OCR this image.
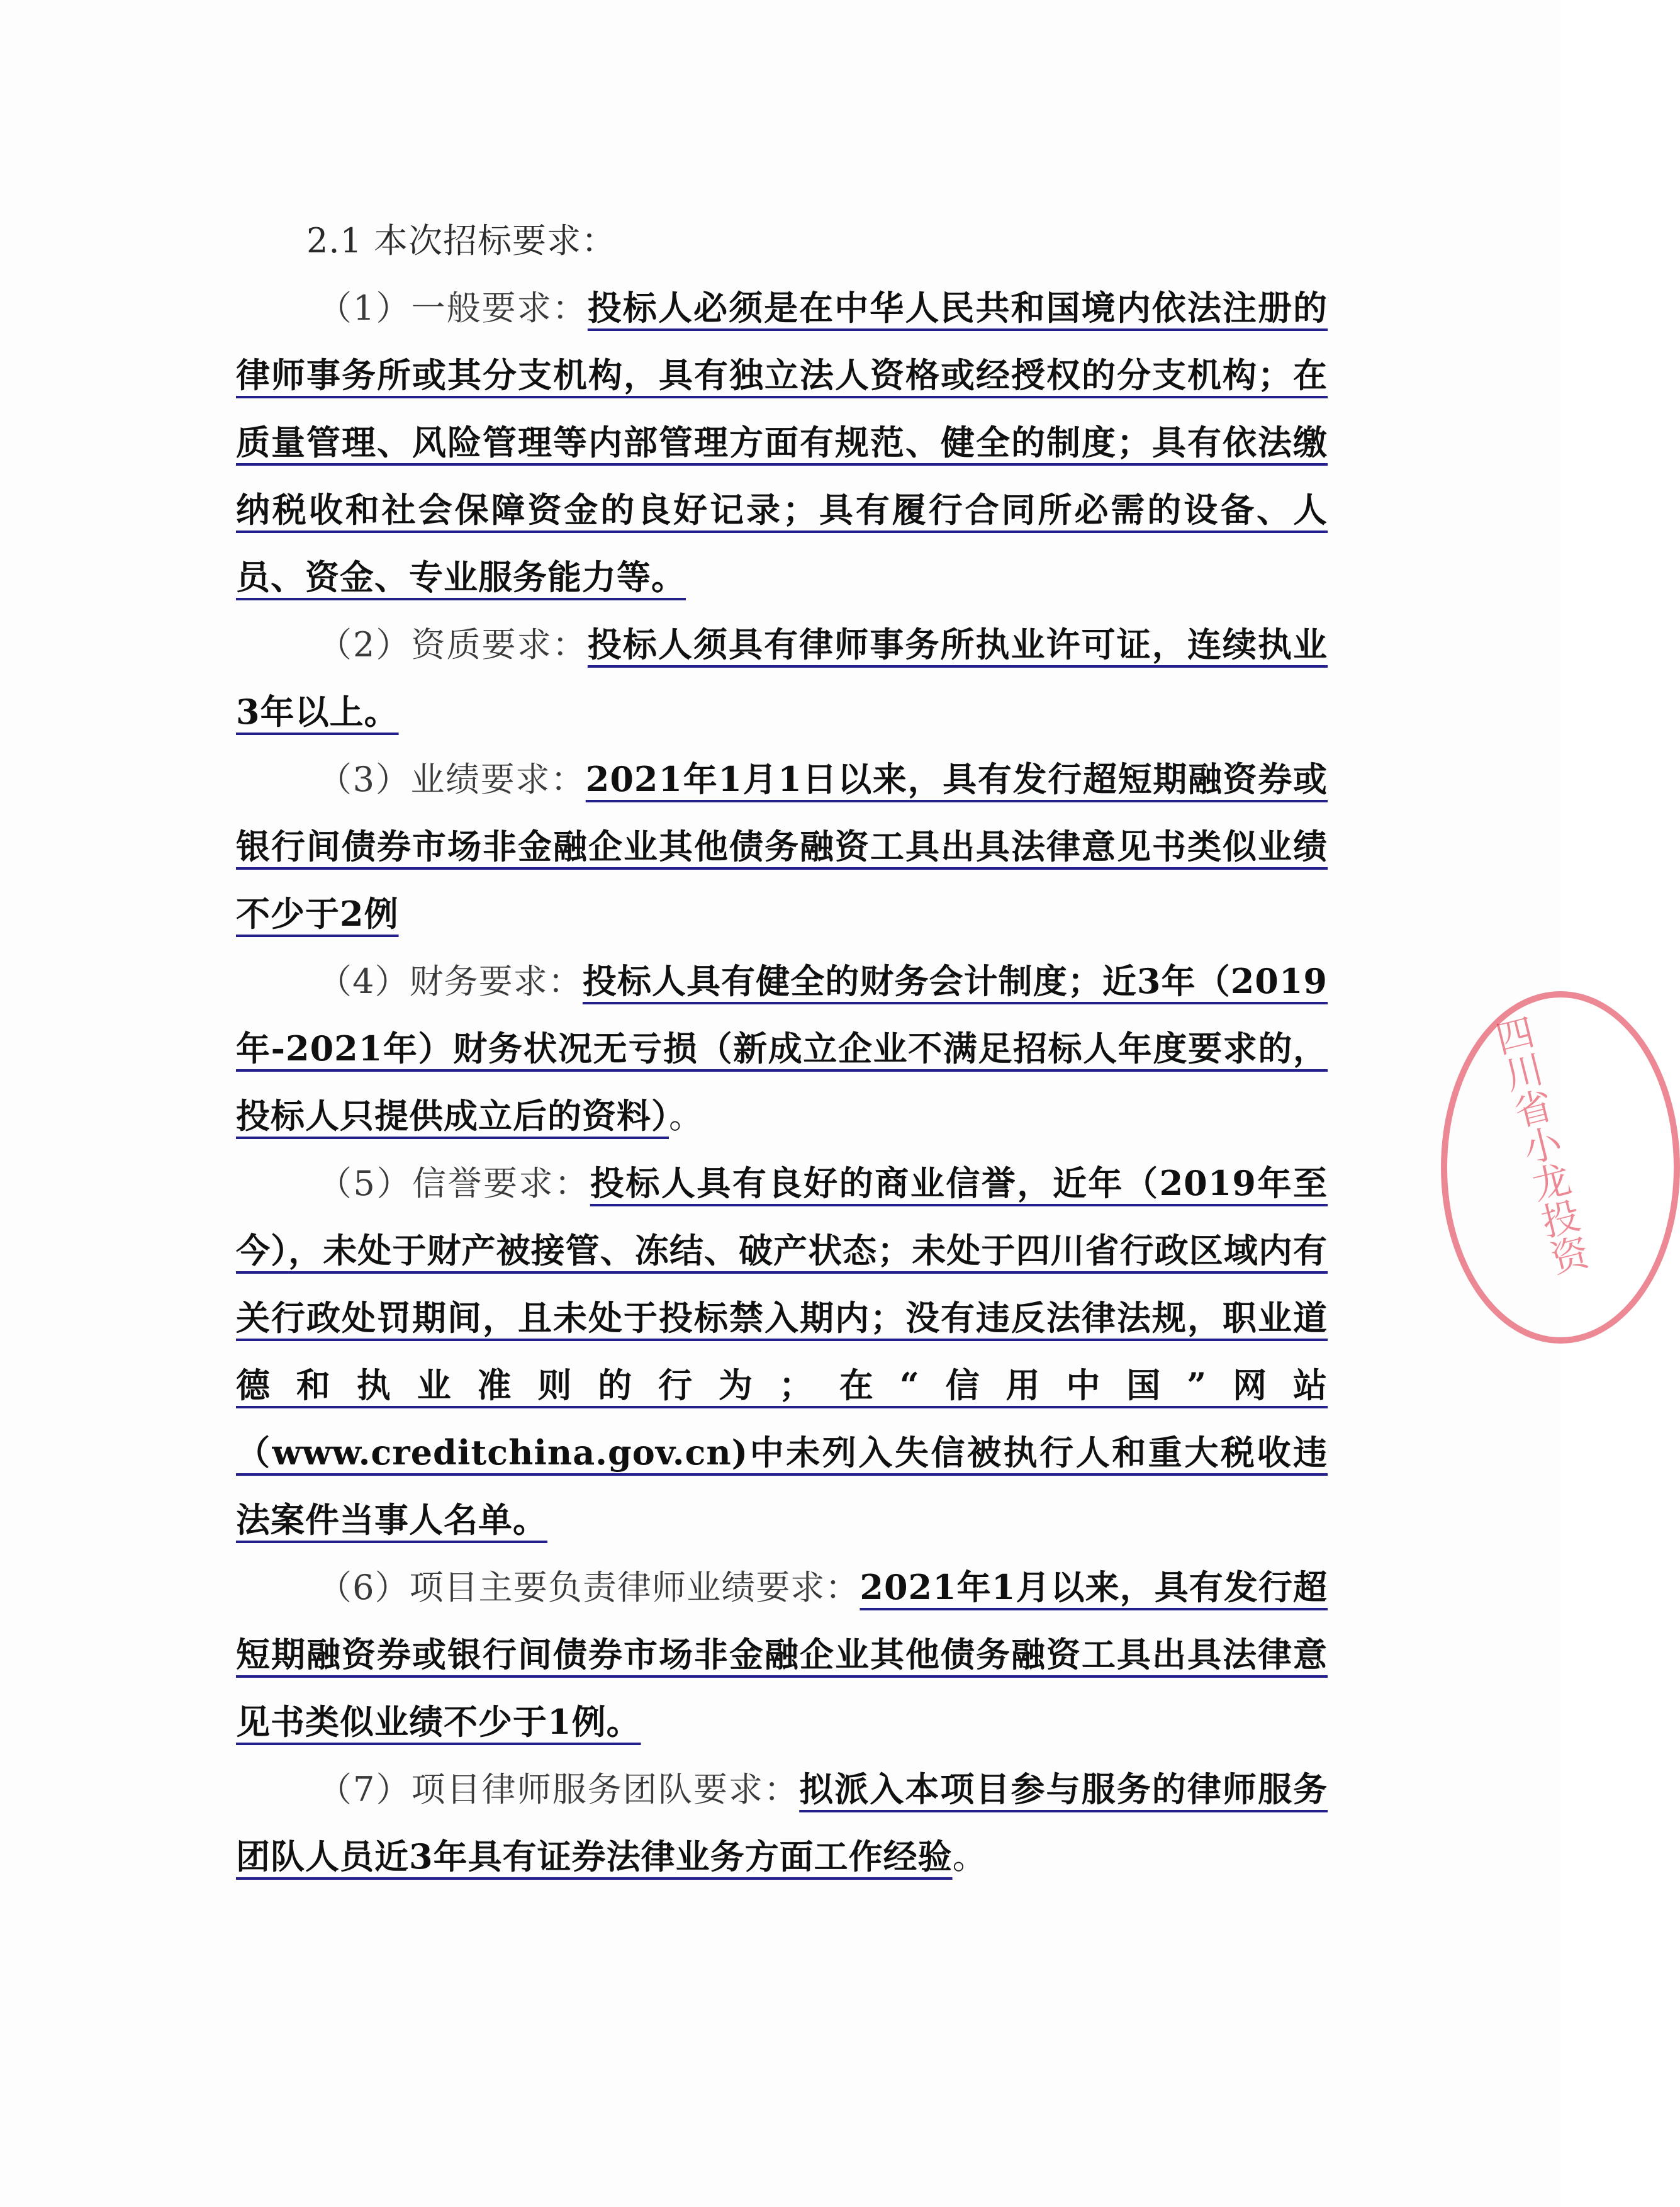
2.1 本次招标要求：

（1）一般要求：投标人必须是在中华人民共和国境内依法注册的律师事务所或其分支机构，具有独立法人资格或经授权的分支机构；在质量管理、风险管理等内部管理方面有规范、健全的制度；具有依法缴纳税收和社会保障资金的良好记录；具有履行合同所必需的设备、人员、资金、专业服务能力等。

（2）资质要求：投标人须具有律师事务所执业许可证，连续执业3年以上。

（3）业绩要求：2021年1月1日以来，具有发行超短期融资券或银行间债券市场非金融企业其他债务融资工具出具法律意见书类似业绩不少于2例

（4）财务要求：投标人具有健全的财务会计制度；近3年（2019年-2021年）财务状况无亏损（新成立企业不满足招标人年度要求的，投标人只提供成立后的资料）。

（5）信誉要求：投标人具有良好的商业信誉，近年（2019年至今），未处于财产被接管、冻结、破产状态；未处于四川省行政区域内有关行政处罚期间，且未处于投标禁入期内；没有违反法律法规，职业道德和执业准则的行为；在“信用中国”网站（www.creditchina.gov.cn)中未列入失信被执行人和重大税收违法案件当事人名单。

（6）项目主要负责律师业绩要求：2021年1月以来，具有发行超短期融资券或银行间债券市场非金融企业其他债务融资工具出具法律意见书类似业绩不少于1例。

（7）项目律师服务团队要求：拟派入本项目参与服务的律师服务团队人员近3年具有证券法律业务方面工作经验。

四川省小龙投资
